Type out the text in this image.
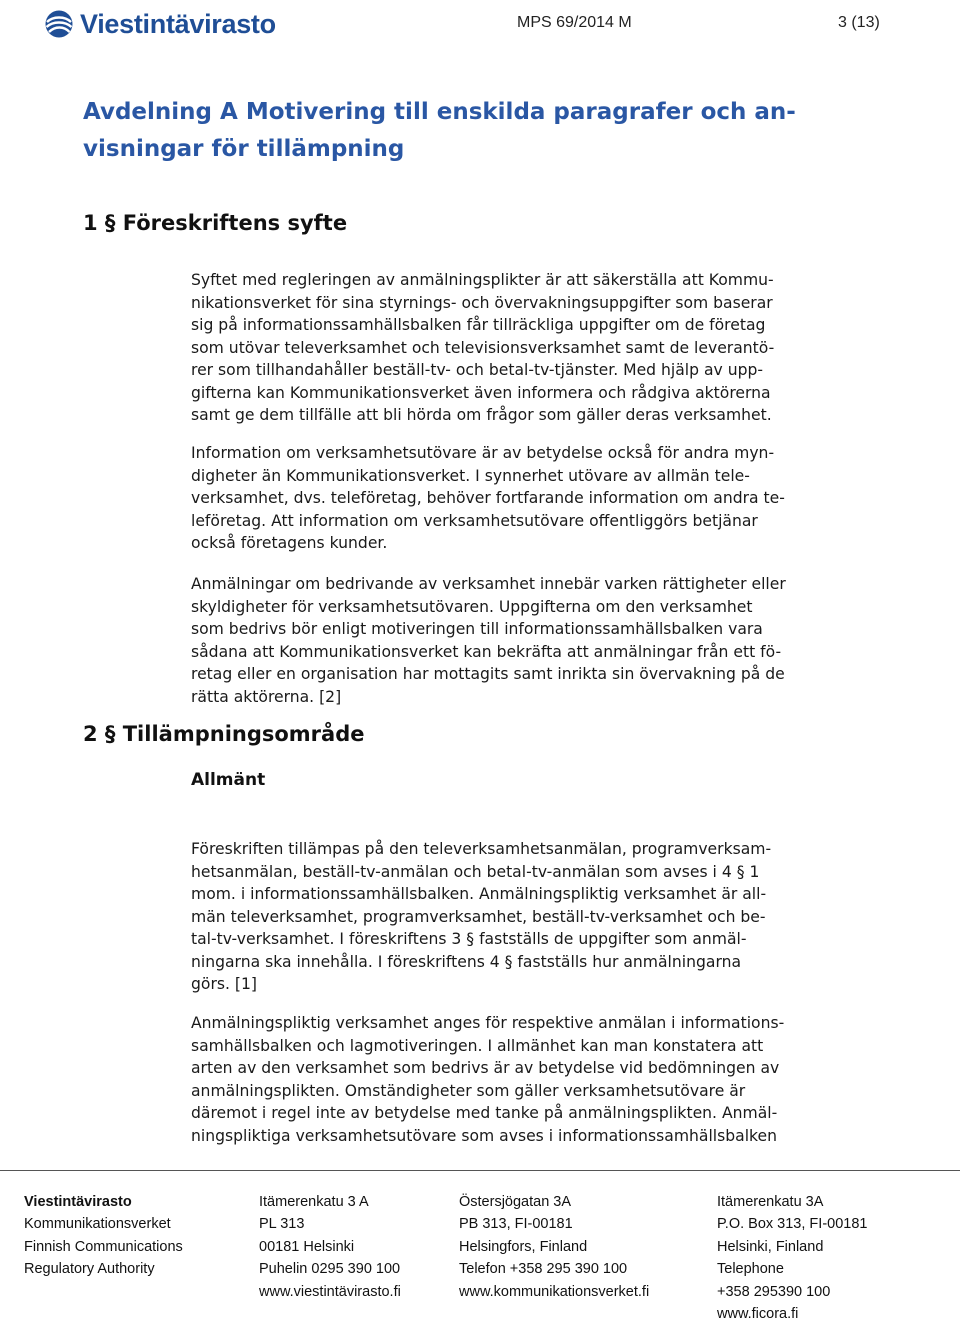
Viestintävirasto	MPS 69/2014 M	3 (13)
Avdelning A Motivering till enskilda paragrafer och an-
visningar för tillämpning
1 § Föreskriftens syfte

Syftet med regleringen av anmälningsplikter är att säkerställa att Kommu-
nikationsverket för sina styrnings- och övervakningsuppgifter som baserar
sig på informationssamhällsbalken får tillräckliga uppgifter om de företag
som utövar televerksamhet och televisionsverksamhet samt de leverantö-
rer som tillhandahåller beställ-tv- och betal-tv-tjänster. Med hjälp av upp-
gifterna kan Kommunikationsverket även informera och rådgiva aktörerna
samt ge dem tillfälle att bli hörda om frågor som gäller deras verksamhet.

Information om verksamhetsutövare är av betydelse också för andra myn-
digheter än Kommunikationsverket. I synnerhet utövare av allmän tele-
verksamhet, dvs. teleföretag, behöver fortfarande information om andra te-
leföretag. Att information om verksamhetsutövare offentliggörs betjänar
också företagens kunder.

Anmälningar om bedrivande av verksamhet innebär varken rättigheter eller
skyldigheter för verksamhetsutövaren. Uppgifterna om den verksamhet
som bedrivs bör enligt motiveringen till informationssamhällsbalken vara
sådana att Kommunikationsverket kan bekräfta att anmälningar från ett fö-
retag eller en organisation har mottagits samt inrikta sin övervakning på de
rätta aktörerna. [2]

2 § Tillämpningsområde
Allmänt

Föreskriften tillämpas på den televerksamhetsanmälan, programverksam-
hetsanmälan, beställ-tv-anmälan och betal-tv-anmälan som avses i 4 § 1
mom. i informationssamhällsbalken. Anmälningspliktig verksamhet är all-
män televerksamhet, programverksamhet, beställ-tv-verksamhet och be-
tal-tv-verksamhet. I föreskriftens 3 § fastställs de uppgifter som anmäl-
ningarna ska innehålla. I föreskriftens 4 § fastställs hur anmälningarna
görs. [1]

Anmälningspliktig verksamhet anges för respektive anmälan i informations-
samhällsbalken och lagmotiveringen. I allmänhet kan man konstatera att
arten av den verksamhet som bedrivs är av betydelse vid bedömningen av
anmälningsplikten. Omständigheter som gäller verksamhetsutövare är
däremot i regel inte av betydelse med tanke på anmälningsplikten. Anmäl-
ningspliktiga verksamhetsutövare som avses i informationssamhällsbalken

Viestintävirasto
Kommunikationsverket
Finnish Communications
Regulatory Authority
Itämerenkatu 3 A
PL 313
00181 Helsinki
Puhelin 0295 390 100
www.viestintävirasto.fi
Östersjögatan 3A
PB 313, FI-00181
Helsingfors, Finland
Telefon +358 295 390 100
www.kommunikationsverket.fi
Itämerenkatu 3A
P.O. Box 313, FI-00181
Helsinki, Finland
Telephone
+358 295390 100
www.ficora.fi
